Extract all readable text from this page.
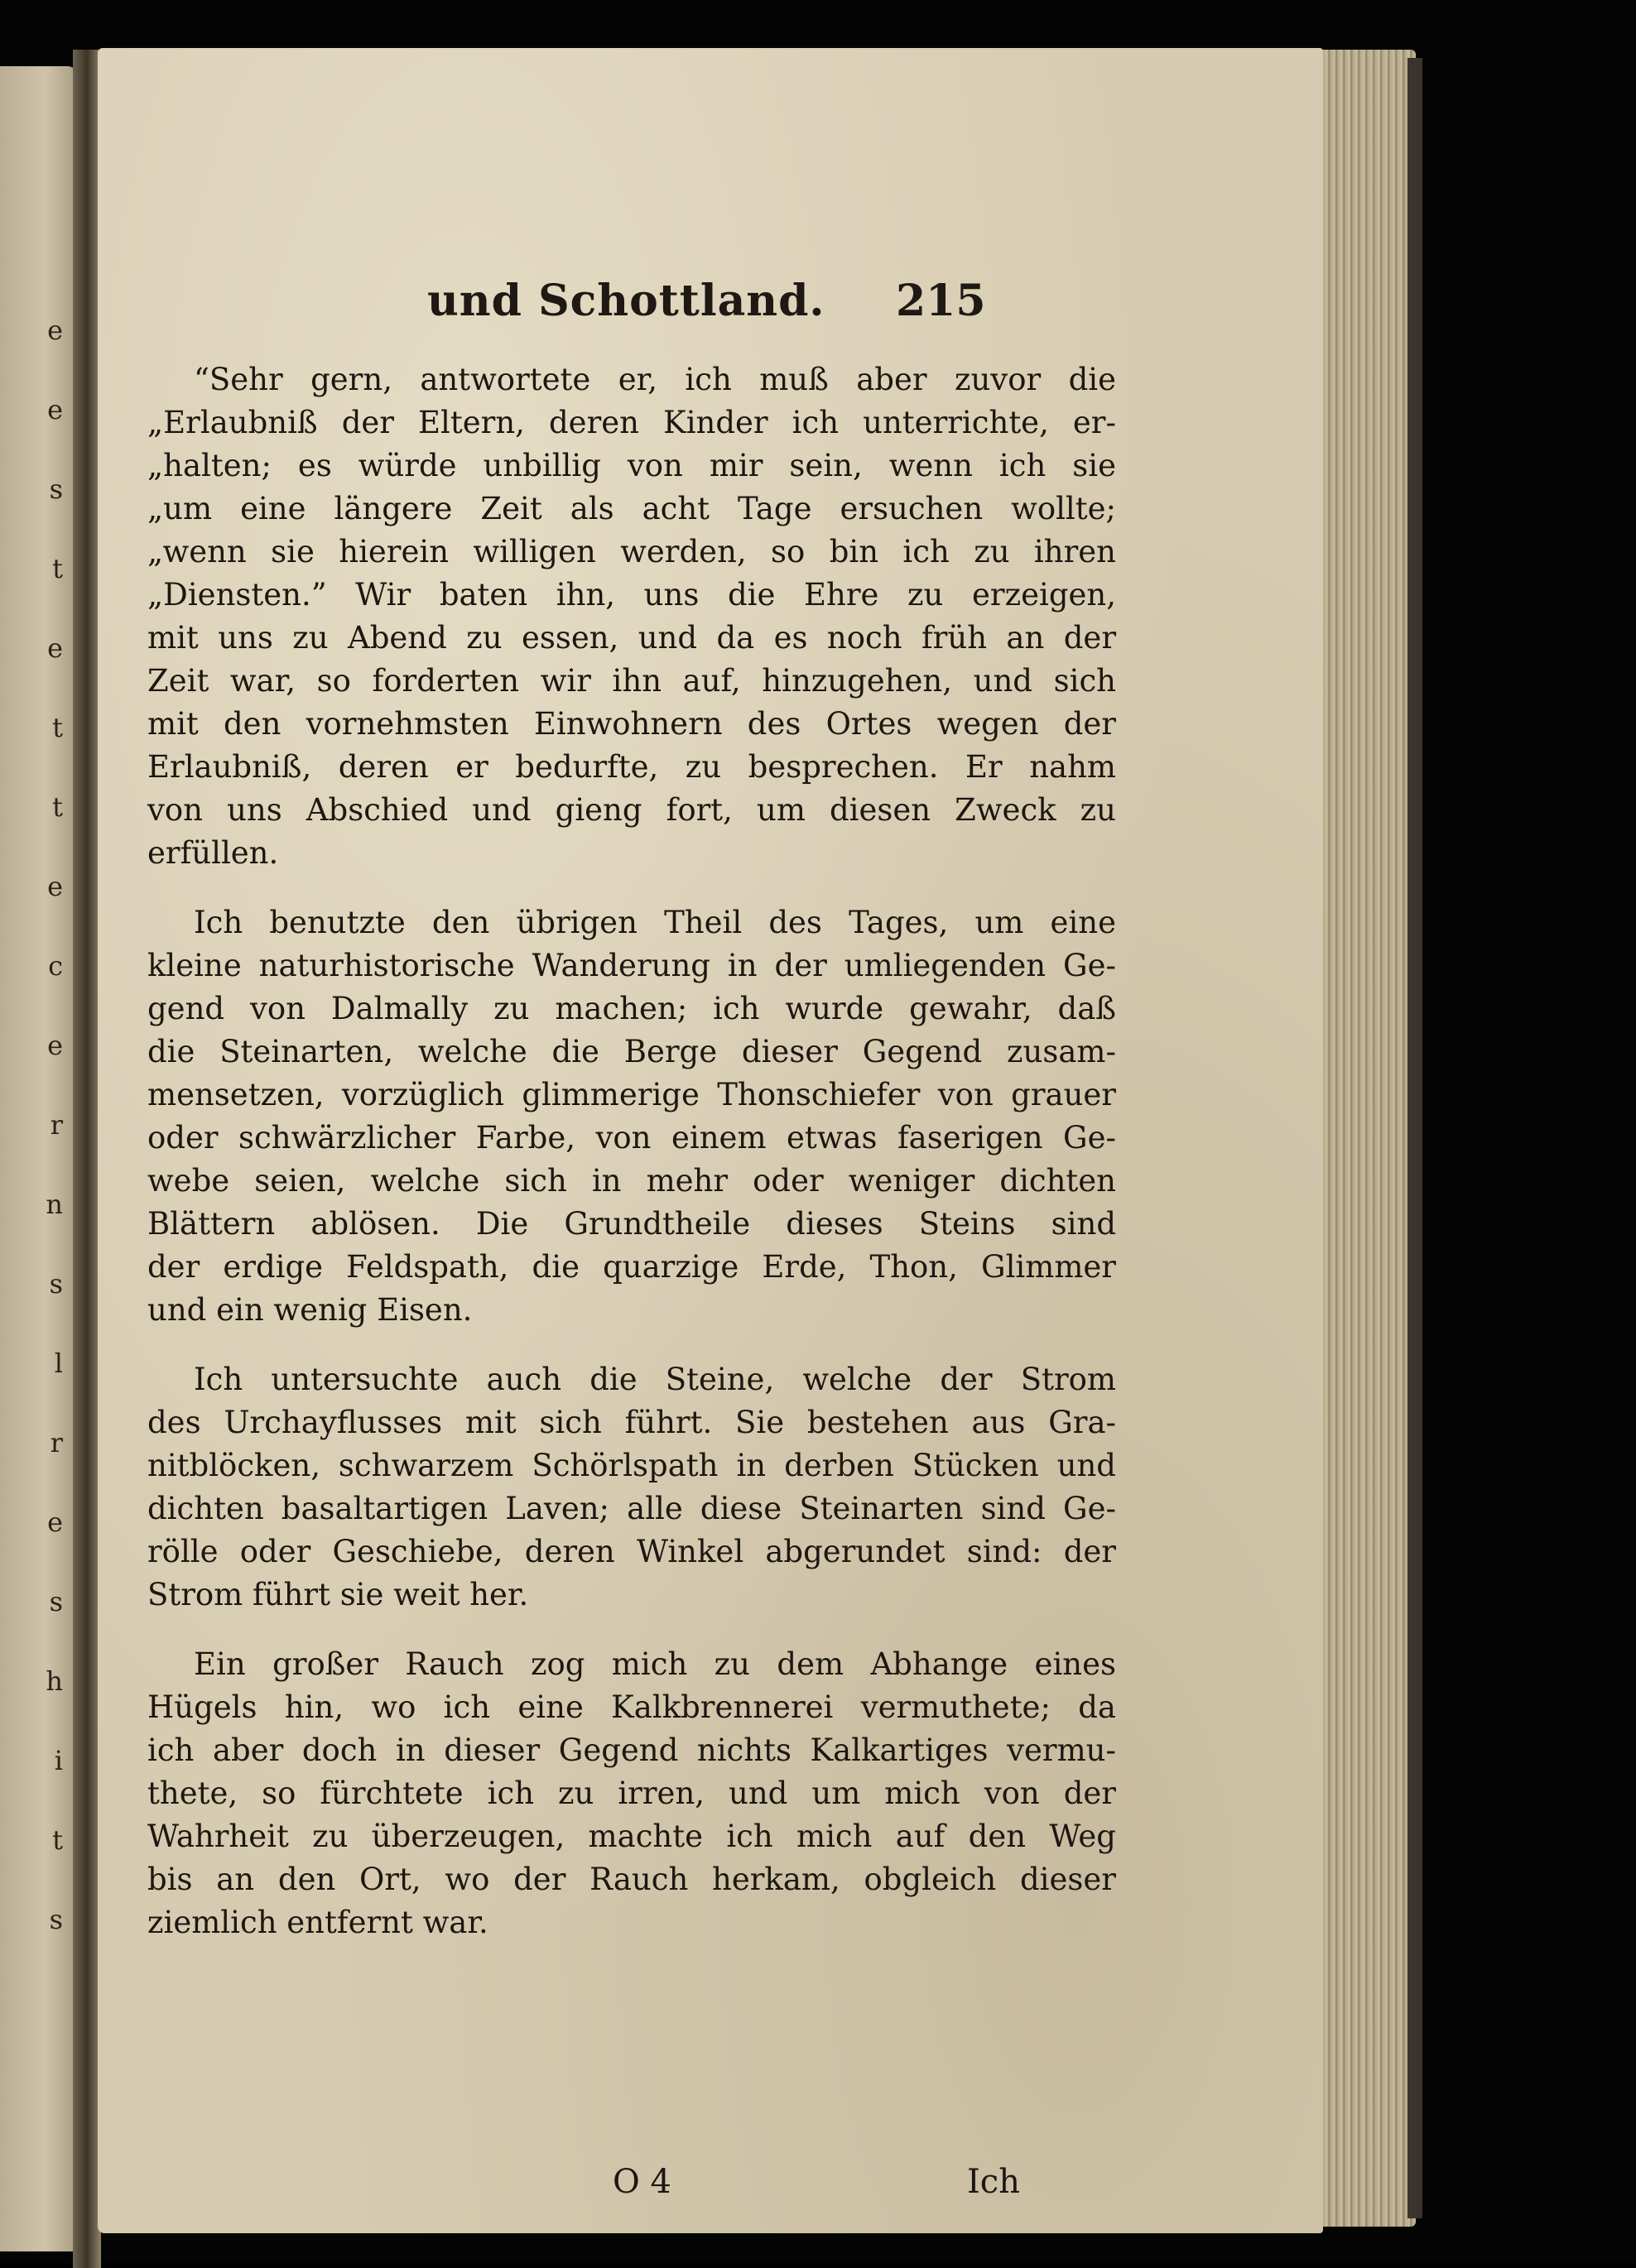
e
e
s
t
e
t
t
e
c
e
r
n
s
l
r
e
s
h
i
t
s
und Schottland. 215
“Sehr gern, antwortete er, ich muß aber zuvor die
„Erlaubniß der Eltern, deren Kinder ich unterrichte, er-
„halten; es würde unbillig von mir sein, wenn ich sie
„um eine längere Zeit als acht Tage ersuchen wollte;
„wenn sie hierein willigen werden, so bin ich zu ihren
„Diensten.” Wir baten ihn, uns die Ehre zu erzeigen,
mit uns zu Abend zu essen, und da es noch früh an der
Zeit war, so forderten wir ihn auf, hinzugehen, und sich
mit den vornehmsten Einwohnern des Ortes wegen der
Erlaubniß, deren er bedurfte, zu besprechen. Er nahm
von uns Abschied und gieng fort, um diesen Zweck zu
erfüllen.
Ich benutzte den übrigen Theil des Tages, um eine
kleine naturhistorische Wanderung in der umliegenden Ge-
gend von Dalmally zu machen; ich wurde gewahr, daß
die Steinarten, welche die Berge dieser Gegend zusam-
mensetzen, vorzüglich glimmerige Thonschiefer von grauer
oder schwärzlicher Farbe, von einem etwas faserigen Ge-
webe seien, welche sich in mehr oder weniger dichten
Blättern ablösen. Die Grundtheile dieses Steins sind
der erdige Feldspath, die quarzige Erde, Thon, Glimmer
und ein wenig Eisen.
Ich untersuchte auch die Steine, welche der Strom
des Urchayflusses mit sich führt. Sie bestehen aus Gra-
nitblöcken, schwarzem Schörlspath in derben Stücken und
dichten basaltartigen Laven; alle diese Steinarten sind Ge-
rölle oder Geschiebe, deren Winkel abgerundet sind: der
Strom führt sie weit her.
Ein großer Rauch zog mich zu dem Abhange eines
Hügels hin, wo ich eine Kalkbrennerei vermuthete; da
ich aber doch in dieser Gegend nichts Kalkartiges vermu-
thete, so fürchtete ich zu irren, und um mich von der
Wahrheit zu überzeugen, machte ich mich auf den Weg
bis an den Ort, wo der Rauch herkam, obgleich dieser
ziemlich entfernt war.
O 4	Ich
